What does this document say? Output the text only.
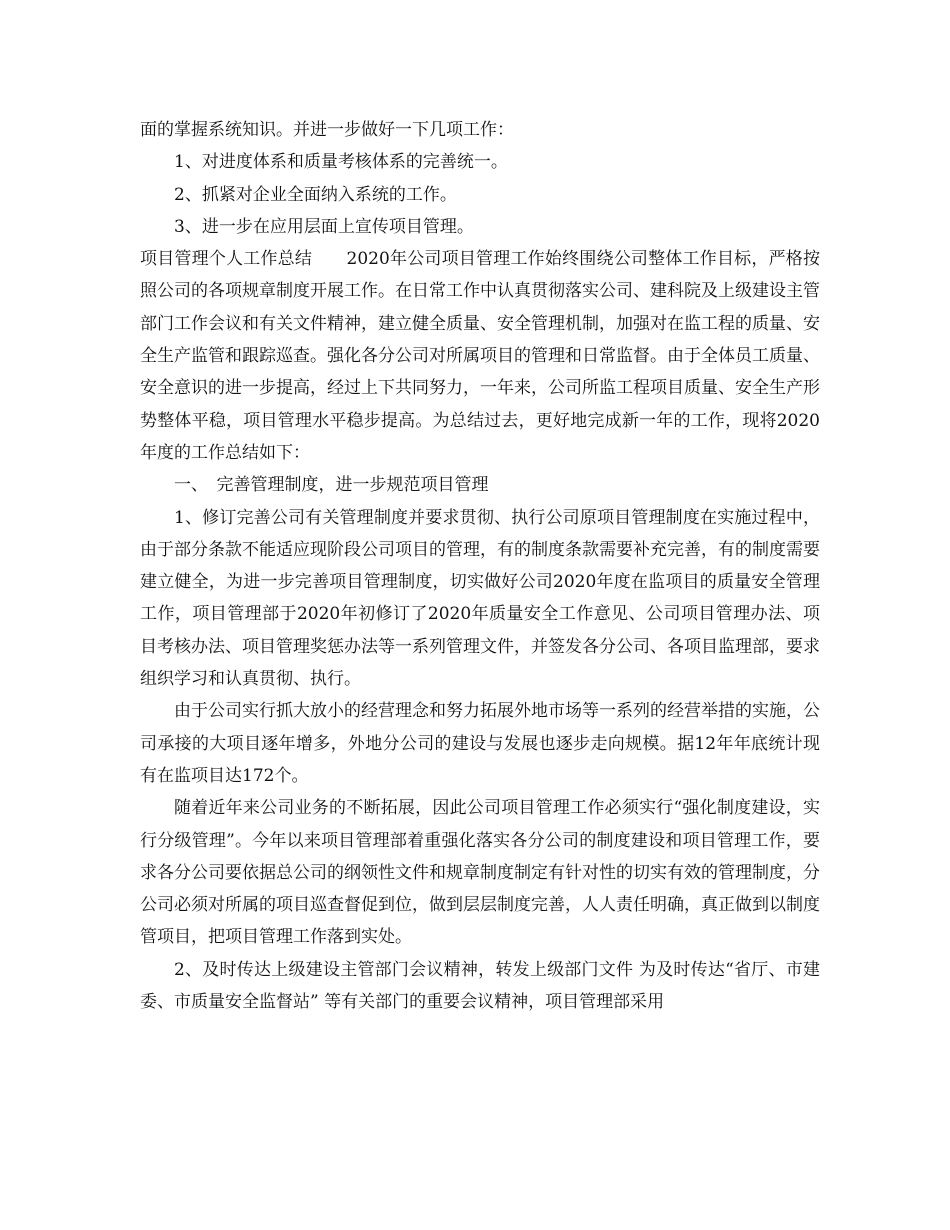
面的掌握系统知识。并进一步做好一下几项工作：

1、对进度体系和质量考核体系的完善统一。

2、抓紧对企业全面纳入系统的工作。

3、进一步在应用层面上宣传项目管理。

项目管理个人工作总结　　2020年公司项目管理工作始终围绕公司整体工作目标，严格按照公司的各项规章制度开展工作。在日常工作中认真贯彻落实公司、建科院及上级建设主管部门工作会议和有关文件精神，建立健全质量、安全管理机制，加强对在监工程的质量、安全生产监管和跟踪巡查。强化各分公司对所属项目的管理和日常监督。由于全体员工质量、安全意识的进一步提高，经过上下共同努力，一年来，公司所监工程项目质量、安全生产形势整体平稳，项目管理水平稳步提高。为总结过去，更好地完成新一年的工作，现将2020年度的工作总结如下：

一、　完善管理制度，进一步规范项目管理

1、修订完善公司有关管理制度并要求贯彻、执行公司原项目管理制度在实施过程中，由于部分条款不能适应现阶段公司项目的管理，有的制度条款需要补充完善，有的制度需要建立健全，为进一步完善项目管理制度，切实做好公司2020年度在监项目的质量安全管理工作，项目管理部于2020年初修订了2020年质量安全工作意见、公司项目管理办法、项目考核办法、项目管理奖惩办法等一系列管理文件，并签发各分公司、各项目监理部，要求组织学习和认真贯彻、执行。

由于公司实行抓大放小的经营理念和努力拓展外地市场等一系列的经营举措的实施，公司承接的大项目逐年增多，外地分公司的建设与发展也逐步走向规模。据12年年底统计现有在监项目达172个。

随着近年来公司业务的不断拓展，因此公司项目管理工作必须实行“强化制度建设，实行分级管理”。今年以来项目管理部着重强化落实各分公司的制度建设和项目管理工作，要求各分公司要依据总公司的纲领性文件和规章制度制定有针对性的切实有效的管理制度，分公司必须对所属的项目巡查督促到位，做到层层制度完善，人人责任明确，真正做到以制度管项目，把项目管理工作落到实处。

2、及时传达上级建设主管部门会议精神，转发上级部门文件 为及时传达“省厅、市建委、市质量安全监督站” 等有关部门的重要会议精神，项目管理部采用
